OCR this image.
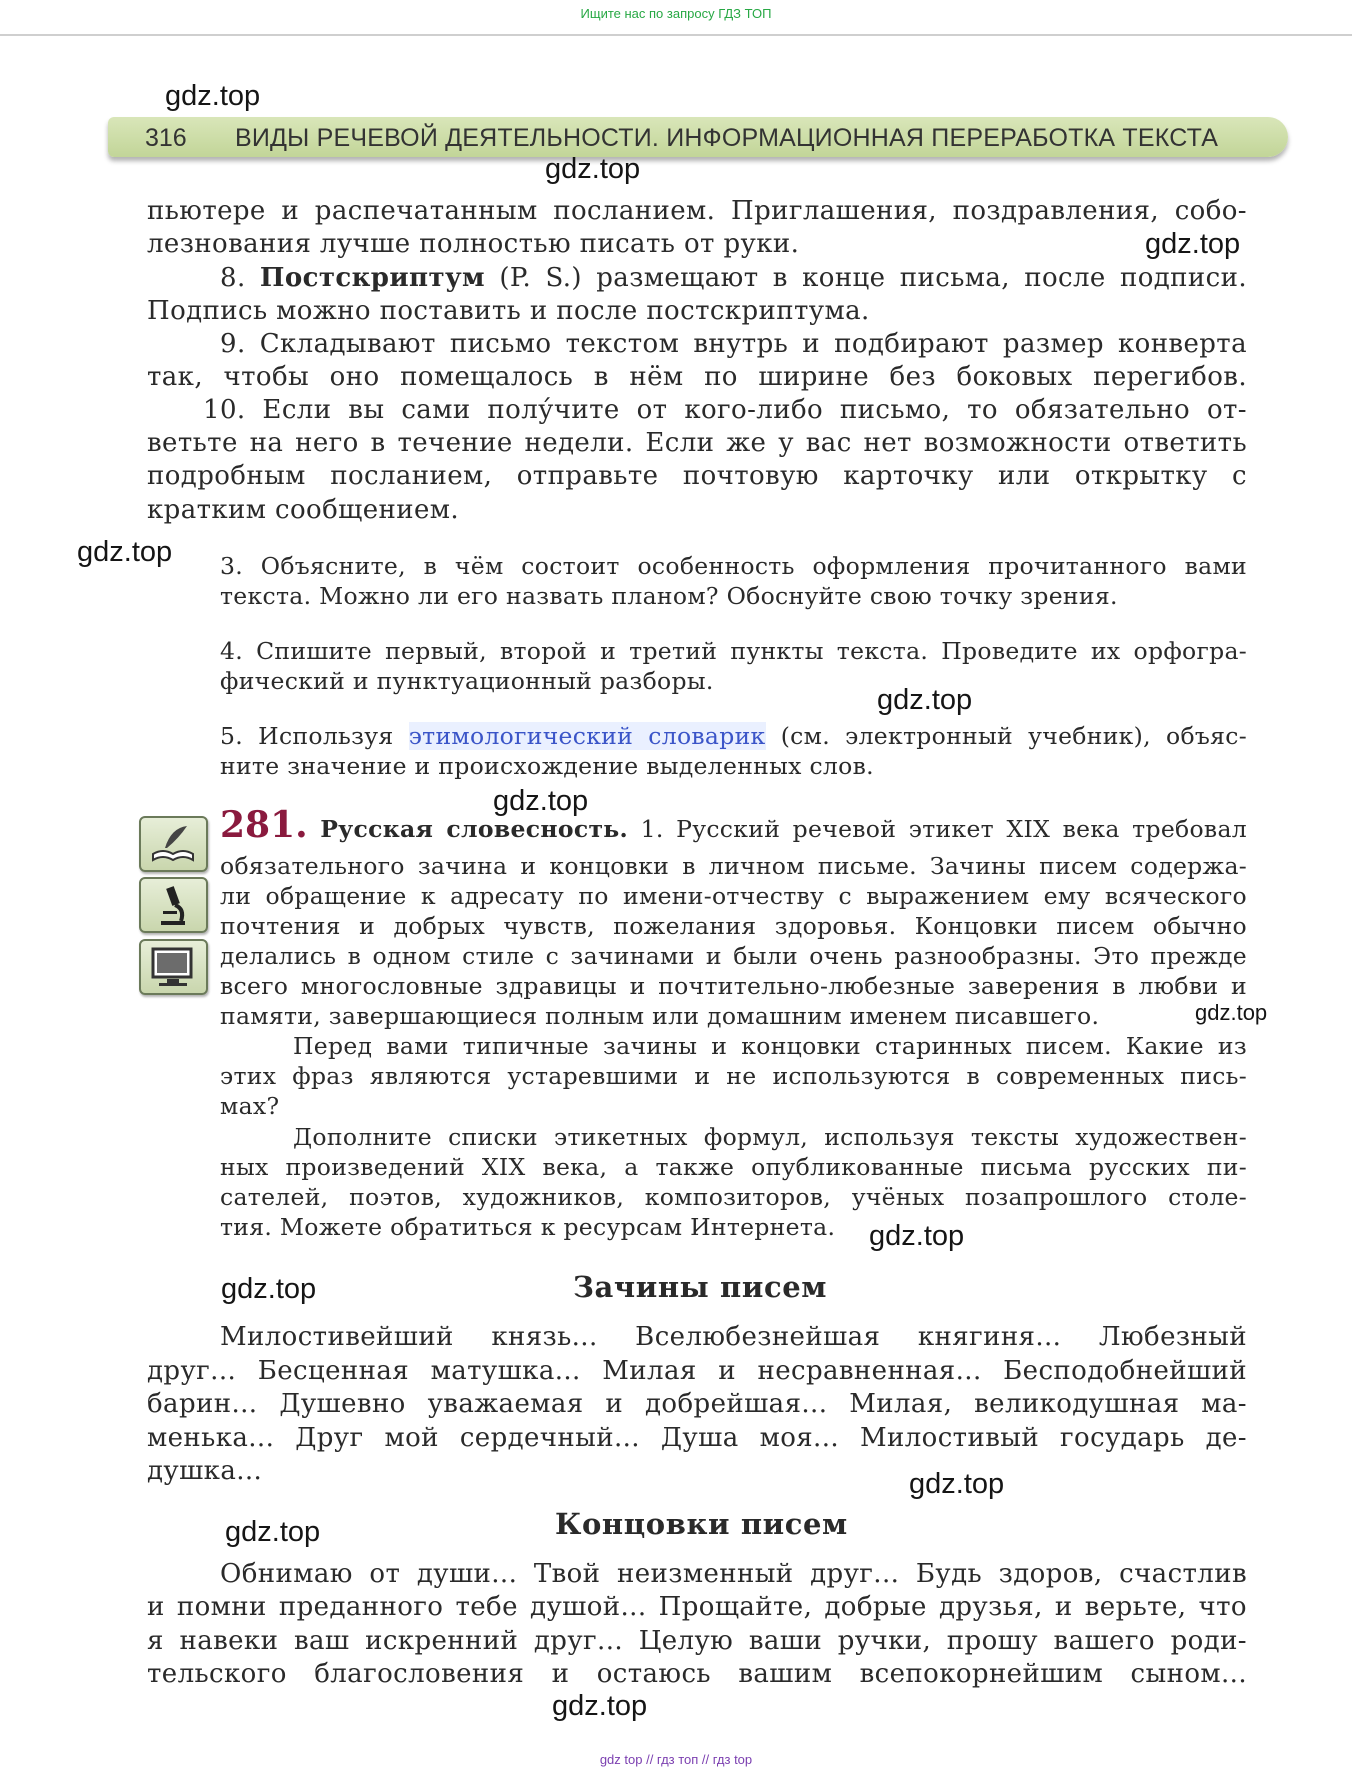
Ищите нас по запросу ГДЗ ТОП
gdz.top
316 ВИДЫ РЕЧЕВОЙ ДЕЯТЕЛЬНОСТИ. ИНФОРМАЦИОННАЯ ПЕРЕРАБОТКА ТЕКСТА
gdz.top
пьютере и распечатанным посланием. Приглашения, поздравления, собо-
лезнования лучше полностью писать от руки.	gdz.top
8. Постскриптум (P. S.) размещают в конце письма, после подписи.
Подпись можно поставить и после постскриптума.
9. Складывают письмо текстом внутрь и подбирают размер конверта
так, чтобы оно помещалось в нём по ширине без боковых перегибов.
10. Если вы сами полу́чите от кого-либо письмо, то обязательно от-
ветьте на него в течение недели. Если же у вас нет возможности ответить
подробным посланием, отправьте почтовую карточку или открытку с
кратким сообщением.
gdz.top 3. Объясните, в чём состоит особенность оформления прочитанного вами
текста. Можно ли его назвать планом? Обоснуйте свою точку зрения.
4. Спишите первый, второй и третий пункты текста. Проведите их орфогра-
фический и пунктуационный разборы.
gdz.top
5. Используя этимологический словарик (см. электронный учебник), объяс-
ните значение и происхождение выделенных слов.
gdz.top
281. Русская словесность. 1. Русский речевой этикет XIX века требовал
обязательного зачина и концовки в личном письме. Зачины писем содержа-
ли обращение к адресату по имени-отчеству с выражением ему всяческого
почтения и добрых чувств, пожелания здоровья. Концовки писем обычно
делались в одном стиле с зачинами и были очень разнообразны. Это прежде
всего многословные здравицы и почтительно-любезные заверения в любви и
памяти, завершающиеся полным или домашним именем писавшего.	gdz.top
Перед вами типичные зачины и концовки старинных писем. Какие из
этих фраз являются устаревшими и не используются в современных пись-
мах?
Дополните списки этикетных формул, используя тексты художествен-
ных произведений XIX века, а также опубликованные письма русских пи-
сателей, поэтов, художников, композиторов, учёных позапрошлого столе-
тия. Можете обратиться к ресурсам Интернета. gdz.top
gdz.top	Зачины писем
Милостивейший князь... Вселюбезнейшая княгиня... Любезный
друг... Бесценная матушка... Милая и несравненная... Бесподобнейший
барин... Душевно уважаемая и добрейшая... Милая, великодушная ма-
менька... Друг мой сердечный... Душа моя... Милостивый государь де-
душка...	gdz.top
gdz.top	Концовки писем
Обнимаю от души... Твой неизменный друг... Будь здоров, счастлив
и помни преданного тебе душой... Прощайте, добрые друзья, и верьте, что
я навеки ваш искренний друг... Целую ваши ручки, прошу вашего роди-
тельского благословения и остаюсь вашим всепокорнейшим сыном...
gdz.top
gdz top // гдз топ // гдз top
